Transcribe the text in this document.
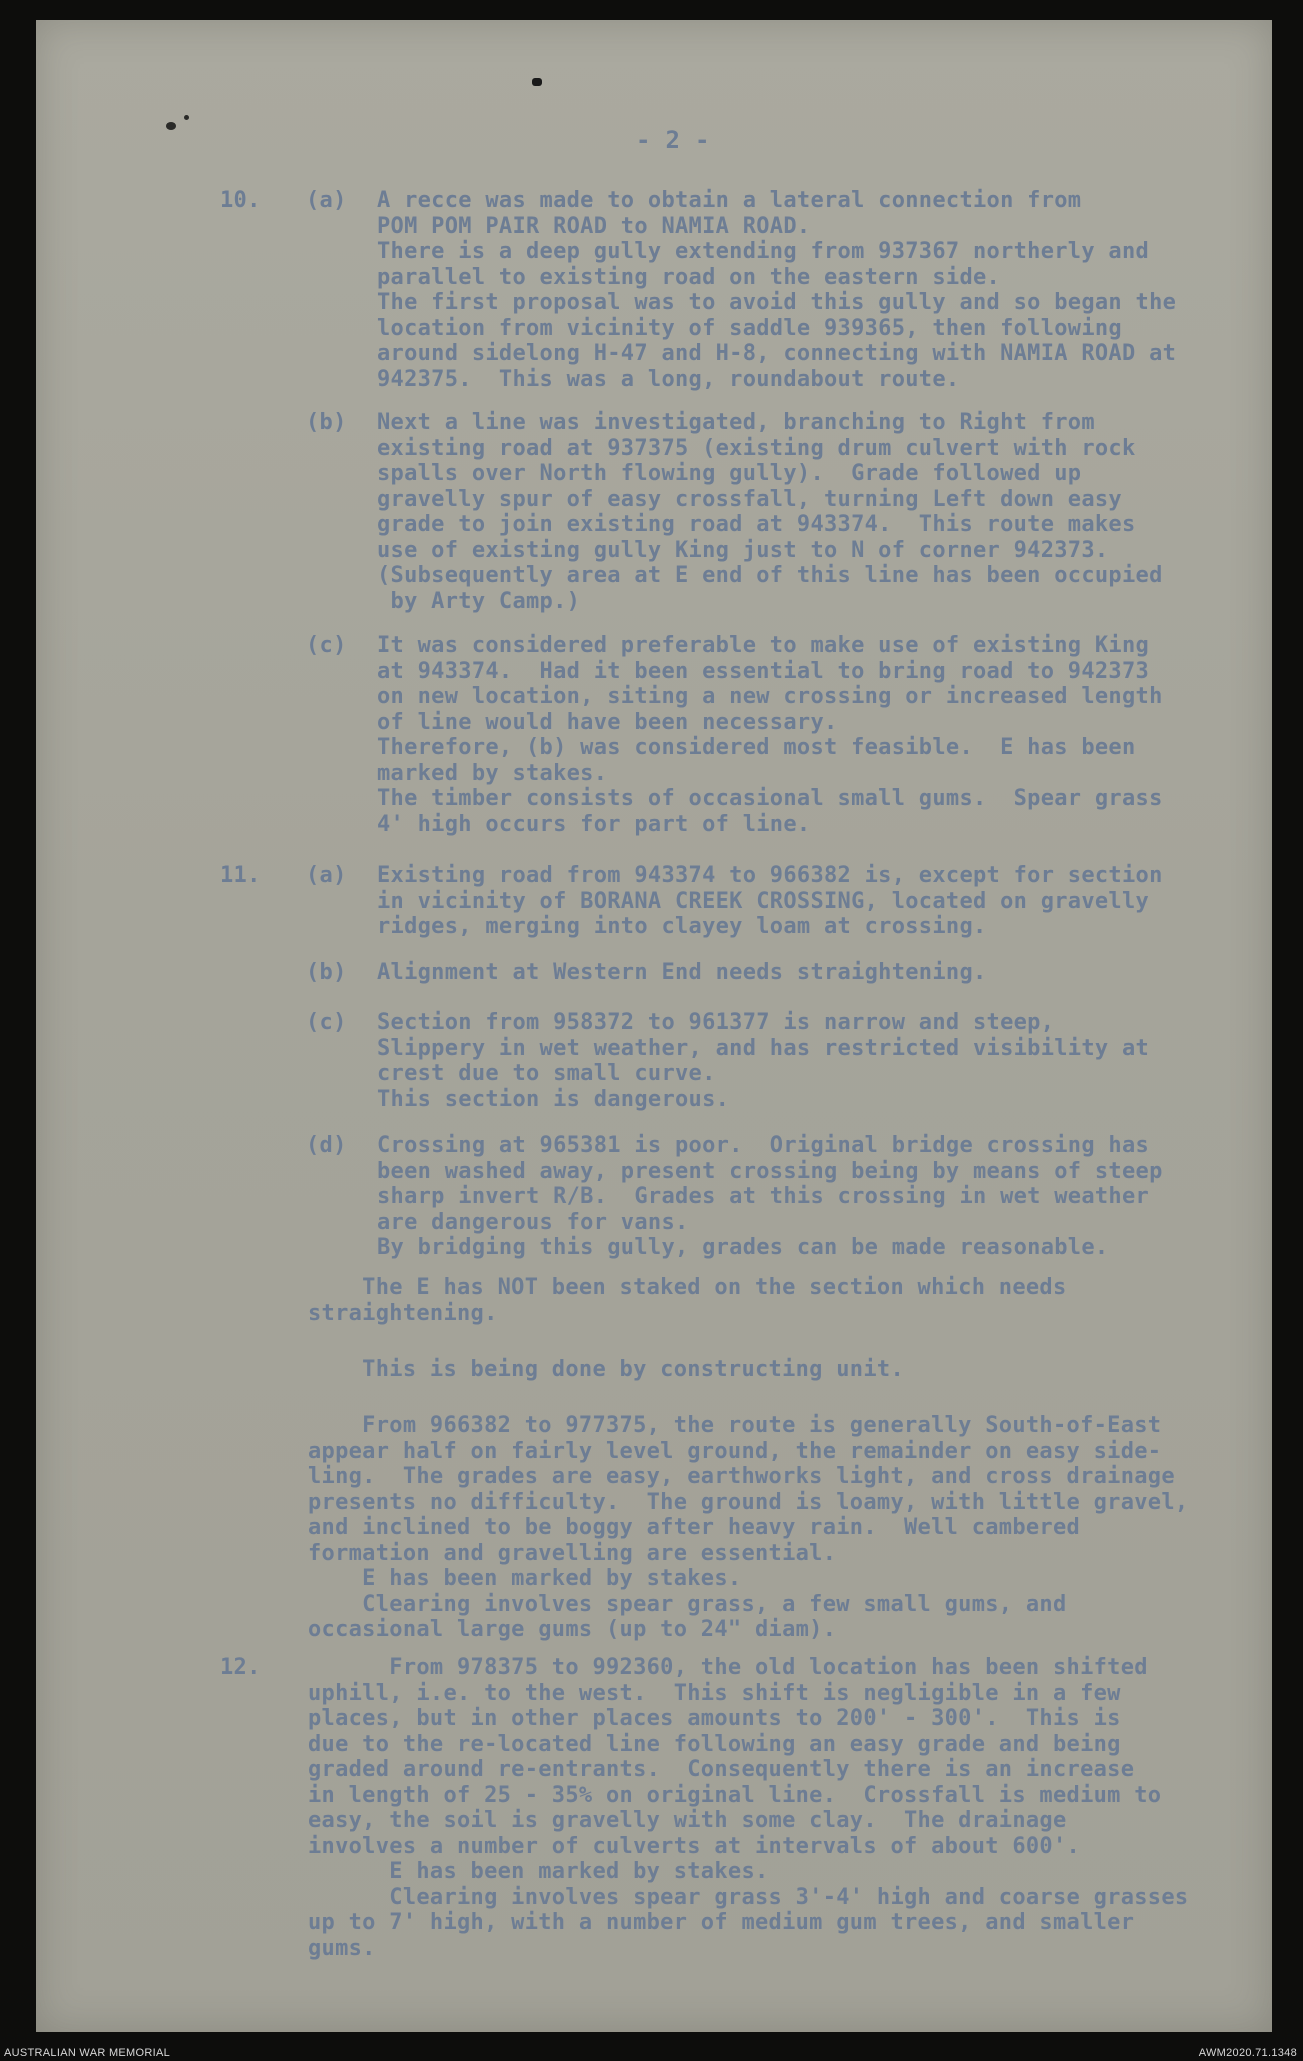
- 2 -
10.	(a)	A recce was made to obtain a lateral connection from
POM POM PAIR ROAD to NAMIA ROAD.
There is a deep gully extending from 937367 northerly and
parallel to existing road on the eastern side.
The first proposal was to avoid this gully and so began the
location from vicinity of saddle 939365, then following
around sidelong H-47 and H-8, connecting with NAMIA ROAD at
942375.  This was a long, roundabout route.
(b)	Next a line was investigated, branching to Right from
existing road at 937375 (existing drum culvert with rock
spalls over North flowing gully).  Grade followed up
gravelly spur of easy crossfall, turning Left down easy
grade to join existing road at 943374.  This route makes
use of existing gully King just to N of corner 942373.
(Subsequently area at E end of this line has been occupied
by Arty Camp.)
(c)	It was considered preferable to make use of existing King
at 943374.  Had it been essential to bring road to 942373
on new location, siting a new crossing or increased length
of line would have been necessary.
Therefore, (b) was considered most feasible.  E has been
marked by stakes.
The timber consists of occasional small gums.  Spear grass
4' high occurs for part of line.
11.	(a)	Existing road from 943374 to 966382 is, except for section
in vicinity of BORANA CREEK CROSSING, located on gravelly
ridges, merging into clayey loam at crossing.
(b)	Alignment at Western End needs straightening.
(c)	Section from 958372 to 961377 is narrow and steep,
Slippery in wet weather, and has restricted visibility at
crest due to small curve.
This section is dangerous.
(d)	Crossing at 965381 is poor.  Original bridge crossing has
been washed away, present crossing being by means of steep
sharp invert R/B.  Grades at this crossing in wet weather
are dangerous for vans.
By bridging this gully, grades can be made reasonable.
The E has NOT been staked on the section which needs
straightening.
This is being done by constructing unit.
From 966382 to 977375, the route is generally South-of-East
appear half on fairly level ground, the remainder on easy side-
ling.  The grades are easy, earthworks light, and cross drainage
presents no difficulty.  The ground is loamy, with little gravel,
and inclined to be boggy after heavy rain.  Well cambered
formation and gravelling are essential.
E has been marked by stakes.
Clearing involves spear grass, a few small gums, and
occasional large gums (up to 24" diam).
12.	From 978375 to 992360, the old location has been shifted
uphill, i.e. to the west.  This shift is negligible in a few
places, but in other places amounts to 200' - 300'.  This is
due to the re-located line following an easy grade and being
graded around re-entrants.  Consequently there is an increase
in length of 25 - 35% on original line.  Crossfall is medium to
easy, the soil is gravelly with some clay.  The drainage
involves a number of culverts at intervals of about 600'.
E has been marked by stakes.
Clearing involves spear grass 3'-4' high and coarse grasses
up to 7' high, with a number of medium gum trees, and smaller
gums.
AUSTRALIAN WAR MEMORIAL	AWM2020.71.1348
